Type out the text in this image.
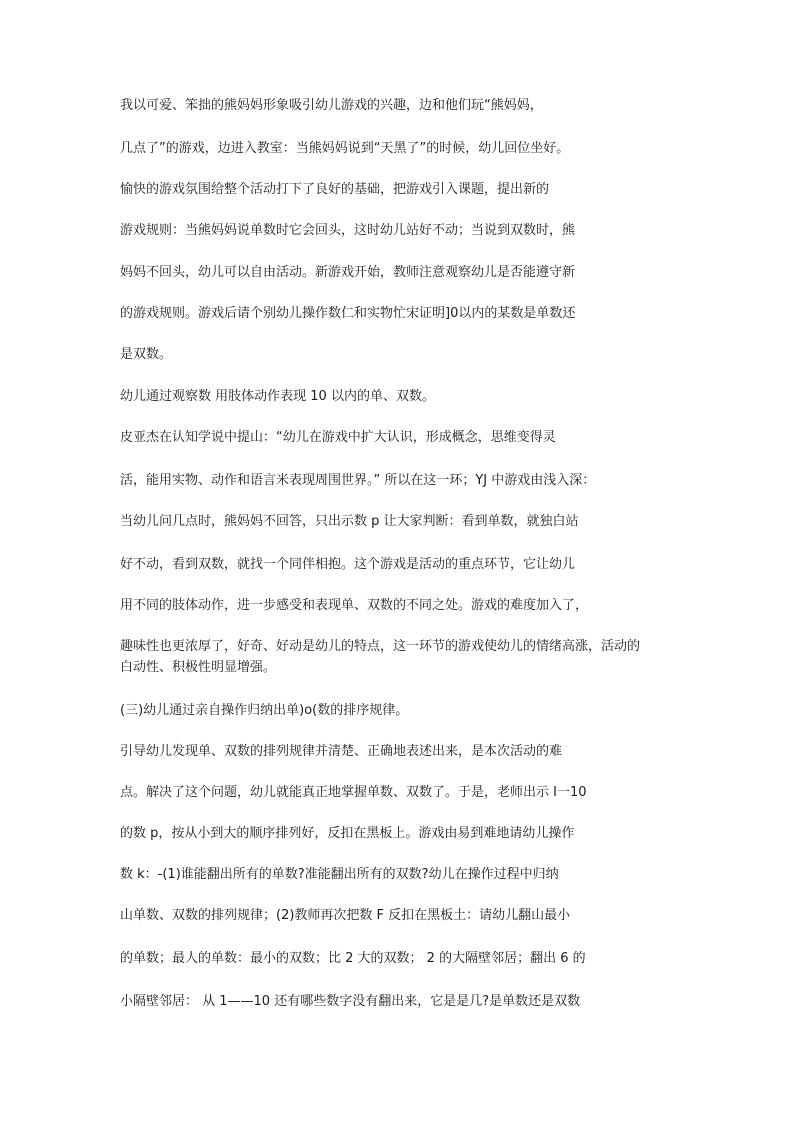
我以可爱、笨拙的熊妈妈形象吸引幼儿游戏的兴趣，边和他们玩“熊妈妈，

几点了”的游戏，边进入教室：当熊妈妈说到“天黑了”的时候，幼儿回位坐好。

愉快的游戏氛围给整个活动打下了良好的基础，把游戏引入课题，提出新的

游戏规则：当熊妈妈说单数时它会回头，这时幼儿站好不动；当说到双数时，熊

妈妈不回头，幼儿可以自由活动。新游戏开始，教师注意观察幼儿是否能遵守新

的游戏规则。游戏后请个别幼儿操作数仁和实物忙宋证明]0以内的某数是单数还

是双数。

幼儿通过观察数 用肢体动作表现 10 以内的单、双数。

皮亚杰在认知学说中提山：“幼儿在游戏中扩大认识，形成概念，思维变得灵

活，能用实物、动作和语言米表现周围世界。” 所以在这一环；YJ 中游戏由浅入深：

当幼儿问几点时，熊妈妈不回答，只出示数 p 让大家判断：看到单数，就独白站

好不动，看到双数，就找一个同伴相抱。这个游戏是活动的重点环节，它让幼儿

用不同的肢体动作，进一步感受和表现单、双数的不同之处。游戏的难度加入了，

趣味性也更浓厚了，好奇、好动是幼儿的特点，这一环节的游戏使幼儿的情绪高涨，活动的

白动性、积极性明显增强。

(三)幼儿通过亲自操作归纳出单)o(数的排序规律。

引导幼儿发现单、双数的排列规律并清楚、正确地表述出来，是本次活动的难

点。解决了这个问题，幼儿就能真正地掌握单数、双数了。于是，老师出示 I一10

的数 p，按从小到大的顺序排列好，反扣在黑板上。游戏由易到难地请幼儿操作

数 k：-(1)谁能翻出所有的单数?准能翻出所有的双数?幼儿在操作过程中归纳

山单数、双数的排列规律；(2)教师再次把数 F 反扣在黑板土：请幼儿翻山最小

的单数；最人的单数：最小的双数；比 2 大的双数； 2 的大隔壁邻居；翻出 6 的

小隔壁邻居： 从 1——10 还有哪些数字没有翻出来，它是是几?是单数还是双数
